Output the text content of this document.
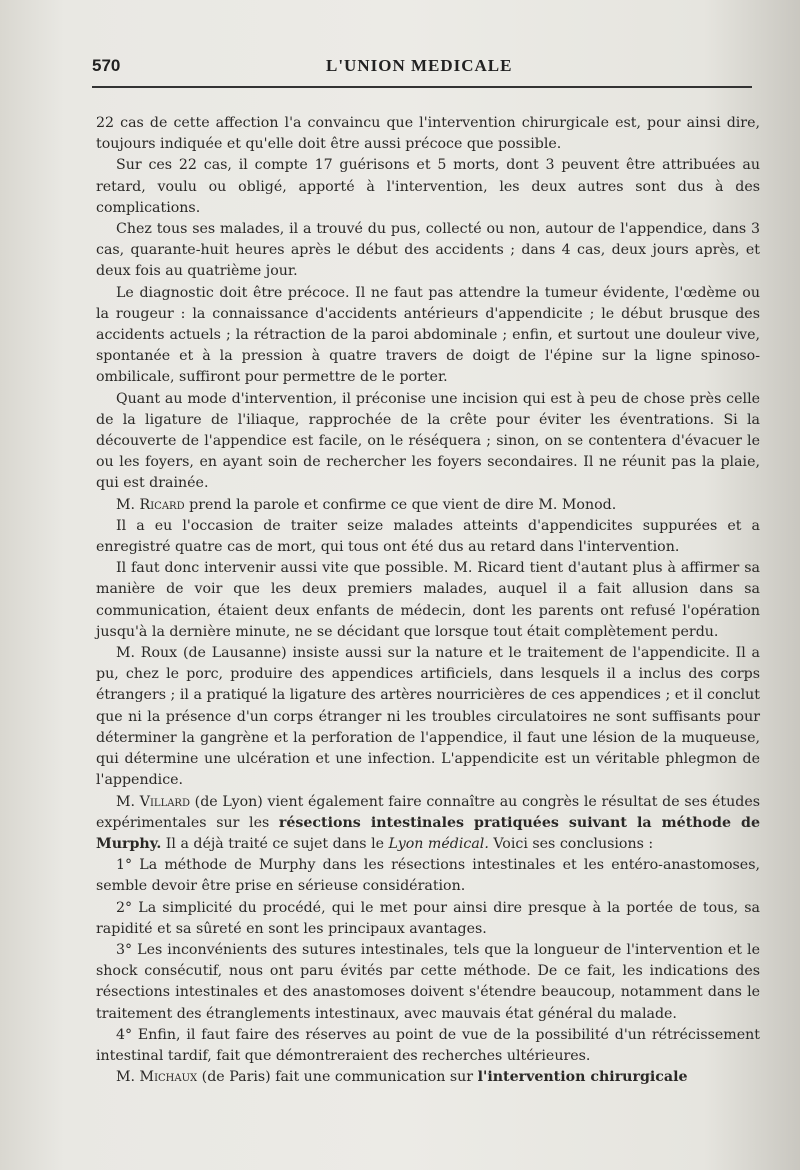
570	L'UNION MEDICALE

22 cas de cette affection l'a convaincu que l'intervention chirurgicale est, pour ainsi dire, toujours indiquée et qu'elle doit être aussi précoce que possible.

Sur ces 22 cas, il compte 17 guérisons et 5 morts, dont 3 peuvent être attribuées au retard, voulu ou obligé, apporté à l'intervention, les deux autres sont dus à des complications.

Chez tous ses malades, il a trouvé du pus, collecté ou non, autour de l'appendice, dans 3 cas, quarante-huit heures après le début des accidents ; dans 4 cas, deux jours après, et deux fois au quatrième jour.

Le diagnostic doit être précoce. Il ne faut pas attendre la tumeur évidente, l'œdème ou la rougeur : la connaissance d'accidents antérieurs d'appendicite ; le début brusque des accidents actuels ; la rétraction de la paroi abdominale ; enfin, et surtout une douleur vive, spontanée et à la pression à quatre travers de doigt de l'épine sur la ligne spinoso-ombilicale, suffiront pour permettre de le porter.

Quant au mode d'intervention, il préconise une incision qui est à peu de chose près celle de la ligature de l'iliaque, rapprochée de la crête pour éviter les éventrations. Si la découverte de l'appendice est facile, on le réséquera ; sinon, on se contentera d'évacuer le ou les foyers, en ayant soin de rechercher les foyers secondaires. Il ne réunit pas la plaie, qui est drainée.

M. Ricard prend la parole et confirme ce que vient de dire M. Monod.

Il a eu l'occasion de traiter seize malades atteints d'appendicites suppurées et a enregistré quatre cas de mort, qui tous ont été dus au retard dans l'intervention.

Il faut donc intervenir aussi vite que possible. M. Ricard tient d'autant plus à affirmer sa manière de voir que les deux premiers malades, auquel il a fait allusion dans sa communication, étaient deux enfants de médecin, dont les parents ont refusé l'opération jusqu'à la dernière minute, ne se décidant que lorsque tout était complètement perdu.

M. Roux (de Lausanne) insiste aussi sur la nature et le traitement de l'appendicite. Il a pu, chez le porc, produire des appendices artificiels, dans lesquels il a inclus des corps étrangers ; il a pratiqué la ligature des artères nourricières de ces appendices ; et il conclut que ni la présence d'un corps étranger ni les troubles circulatoires ne sont suffisants pour déterminer la gangrène et la perforation de l'appendice, il faut une lésion de la muqueuse, qui détermine une ulcération et une infection. L'appendicite est un véritable phlegmon de l'appendice.

M. Villard (de Lyon) vient également faire connaître au congrès le résultat de ses études expérimentales sur les résections intestinales pratiquées suivant la méthode de Murphy. Il a déjà traité ce sujet dans le Lyon médical. Voici ses conclusions :

1° La méthode de Murphy dans les résections intestinales et les entéro-anastomoses, semble devoir être prise en sérieuse considération.

2° La simplicité du procédé, qui le met pour ainsi dire presque à la portée de tous, sa rapidité et sa sûreté en sont les principaux avantages.

3° Les inconvénients des sutures intestinales, tels que la longueur de l'intervention et le shock consécutif, nous ont paru évités par cette méthode. De ce fait, les indications des résections intestinales et des anastomoses doivent s'étendre beaucoup, notamment dans le traitement des étranglements intestinaux, avec mauvais état général du malade.

4° Enfin, il faut faire des réserves au point de vue de la possibilité d'un rétrécissement intestinal tardif, fait que démontreraient des recherches ultérieures.

M. Michaux (de Paris) fait une communication sur l'intervention chirurgicale
